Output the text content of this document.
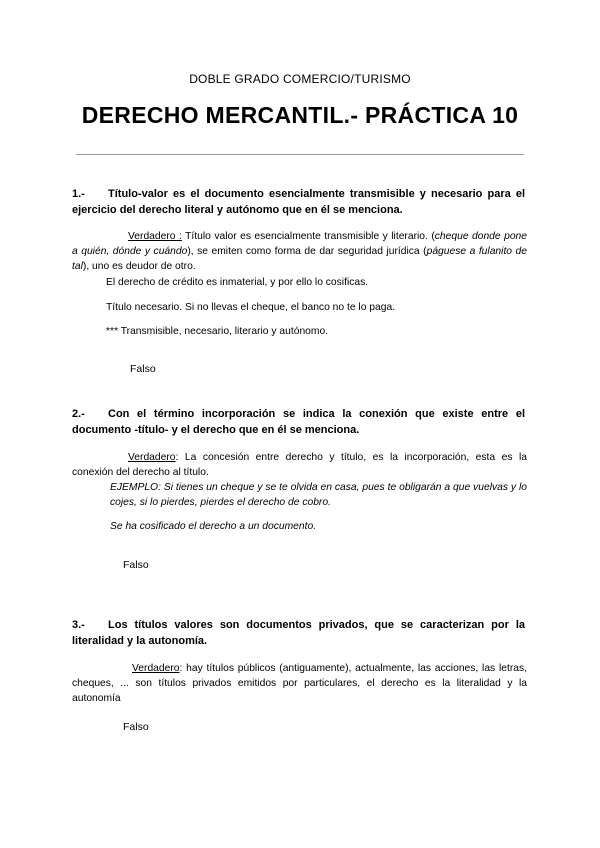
DOBLE GRADO COMERCIO/TURISMO
DERECHO MERCANTIL.- PRÁCTICA 10
1.- Título-valor es el documento esencialmente transmisible y necesario para el ejercicio del derecho literal y autónomo que en él se menciona.
Verdadero : Título valor es esencialmente transmisible y literario. (cheque donde pone a quién, dónde y cuándo), se emiten como forma de dar seguridad jurídica (páguese a fulanito de tal), uno es deudor de otro.
El derecho de crédito es inmaterial, y por ello lo cosificas.
Título necesario. Si no llevas el cheque, el banco no te lo paga.
*** Transmisible, necesario, literario y autónomo.
Falso
2.- Con el término incorporación se indica la conexión que existe entre el documento -título- y el derecho que en él se menciona.
Verdadero: La concesión entre derecho y título, es la incorporación, esta es la conexión del derecho al título.
EJEMPLO: Si tienes un cheque y se te olvida en casa, pues te obligarán a que vuelvas y lo cojes, si lo pierdes, pierdes el derecho de cobro.
Se ha cosificado el derecho a un documento.
Falso
3.- Los títulos valores son documentos privados, que se caracterizan por la literalidad y la autonomía.
Verdadero: hay títulos públicos (antiguamente), actualmente, las acciones, las letras, cheques, ... son títulos privados emitidos por particulares, el derecho es la literalidad y la autonomía
Falso
